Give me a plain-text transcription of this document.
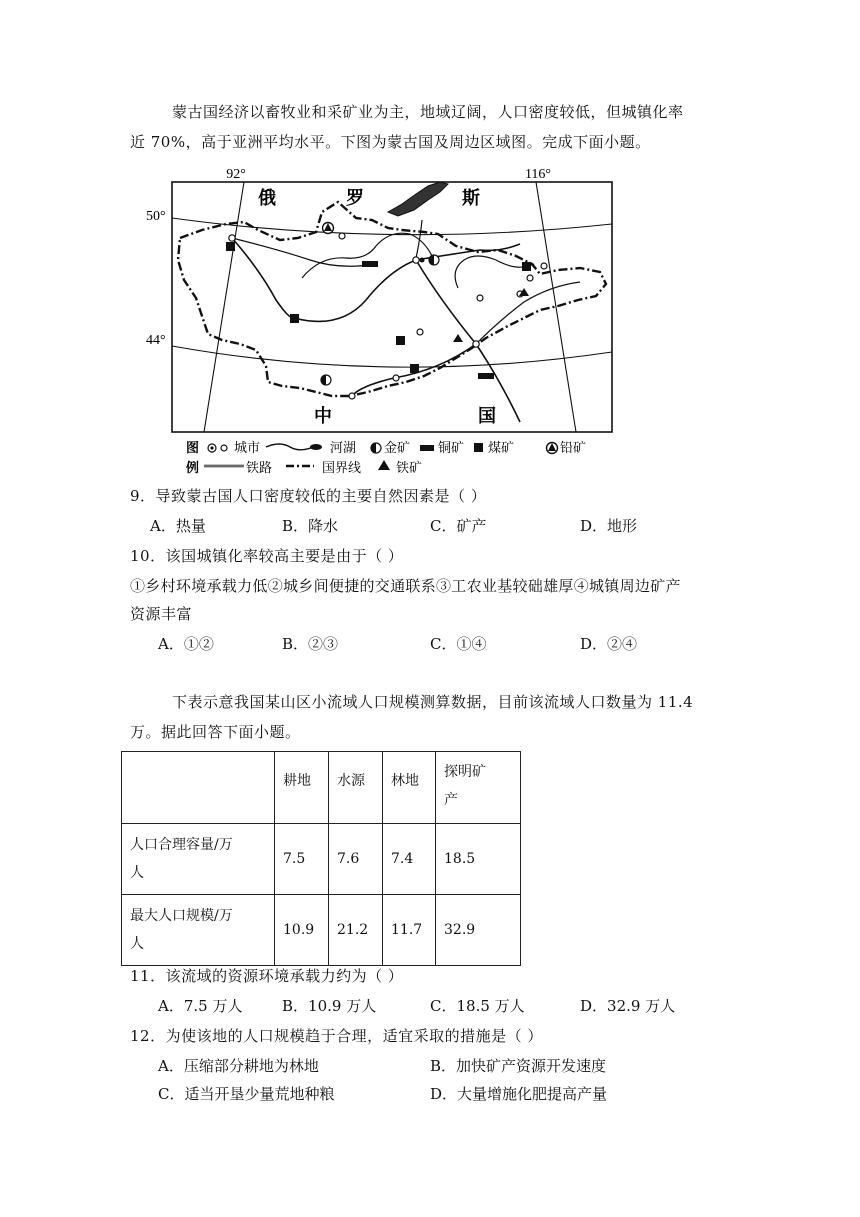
蒙古国经济以畜牧业和采矿业为主，地域辽阔，人口密度较低，但城镇化率
近 70%，高于亚洲平均水平。下图为蒙古国及周边区域图。完成下面小题。
92°	116°
50°
44°
俄	罗	斯
中	国
图
例
城市	河湖 金矿 铜矿 煤矿	铅矿
铁路	国界线	铁矿
9．导致蒙古国人口密度较低的主要自然因素是（ ）
A．热量	B．降水	C．矿产	D．地形
10．该国城镇化率较高主要是由于（ ）
①乡村环境承载力低②城乡间便捷的交通联系③工农业基较础雄厚④城镇周边矿产
资源丰富
A．①②	B．②③	C．①④	D．②④
下表示意我国某山区小流域人口规模测算数据，目前该流域人口数量为 11.4
万。据此回答下面小题。
	耕地	水源	林地	探明矿
产
人口合理容量/万
人	7.5	7.6	7.4	18.5
最大人口规模/万
人	10.9	21.2	11.7	32.9
11．该流域的资源环境承载力约为（ ）
A．7.5 万人	B．10.9 万人	C．18.5 万人	D．32.9 万人
12．为使该地的人口规模趋于合理，适宜采取的措施是（ ）
A．压缩部分耕地为林地	B．加快矿产资源开发速度
C．适当开垦少量荒地种粮	D．大量增施化肥提高产量
